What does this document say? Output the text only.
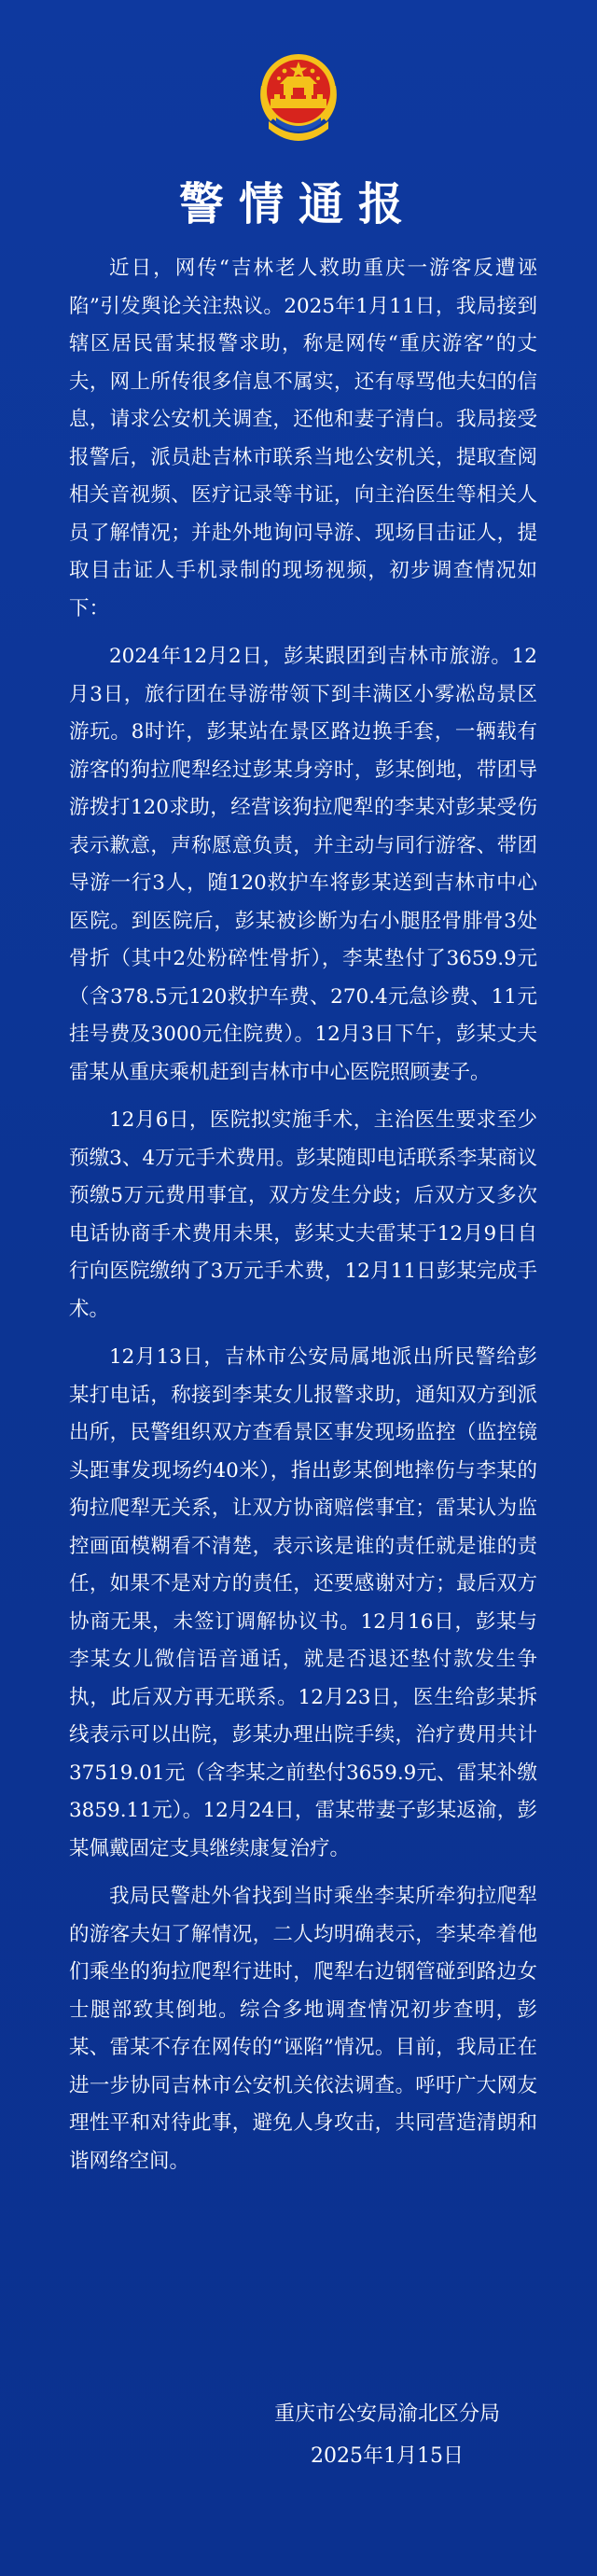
警情通报

近日，网传“吉林老人救助重庆一游客反遭诬陷”引发舆论关注热议。2025年1月11日，我局接到辖区居民雷某报警求助，称是网传“重庆游客”的丈夫，网上所传很多信息不属实，还有辱骂他夫妇的信息，请求公安机关调查，还他和妻子清白。我局接受报警后，派员赴吉林市联系当地公安机关，提取查阅相关音视频、医疗记录等书证，向主治医生等相关人员了解情况；并赴外地询问导游、现场目击证人，提取目击证人手机录制的现场视频，初步调查情况如下：

2024年12月2日，彭某跟团到吉林市旅游。12月3日，旅行团在导游带领下到丰满区小雾凇岛景区游玩。8时许，彭某站在景区路边换手套，一辆载有游客的狗拉爬犁经过彭某身旁时，彭某倒地，带团导游拨打120求助，经营该狗拉爬犁的李某对彭某受伤表示歉意，声称愿意负责，并主动与同行游客、带团导游一行3人，随120救护车将彭某送到吉林市中心医院。到医院后，彭某被诊断为右小腿胫骨腓骨3处骨折（其中2处粉碎性骨折），李某垫付了3659.9元（含378.5元120救护车费、270.4元急诊费、11元挂号费及3000元住院费）。12月3日下午，彭某丈夫雷某从重庆乘机赶到吉林市中心医院照顾妻子。

12月6日，医院拟实施手术，主治医生要求至少预缴3、4万元手术费用。彭某随即电话联系李某商议预缴5万元费用事宜，双方发生分歧；后双方又多次电话协商手术费用未果，彭某丈夫雷某于12月9日自行向医院缴纳了3万元手术费，12月11日彭某完成手术。

12月13日，吉林市公安局属地派出所民警给彭某打电话，称接到李某女儿报警求助，通知双方到派出所，民警组织双方查看景区事发现场监控（监控镜头距事发现场约40米），指出彭某倒地摔伤与李某的狗拉爬犁无关系，让双方协商赔偿事宜；雷某认为监控画面模糊看不清楚，表示该是谁的责任就是谁的责任，如果不是对方的责任，还要感谢对方；最后双方协商无果，未签订调解协议书。12月16日，彭某与李某女儿微信语音通话，就是否退还垫付款发生争执，此后双方再无联系。12月23日，医生给彭某拆线表示可以出院，彭某办理出院手续，治疗费用共计37519.01元（含李某之前垫付3659.9元、雷某补缴3859.11元）。12月24日，雷某带妻子彭某返渝，彭某佩戴固定支具继续康复治疗。

我局民警赴外省找到当时乘坐李某所牵狗拉爬犁的游客夫妇了解情况，二人均明确表示，李某牵着他们乘坐的狗拉爬犁行进时，爬犁右边钢管碰到路边女士腿部致其倒地。综合多地调查情况初步查明，彭某、雷某不存在网传的“诬陷”情况。目前，我局正在进一步协同吉林市公安机关依法调查。呼吁广大网友理性平和对待此事，避免人身攻击，共同营造清朗和谐网络空间。

重庆市公安局渝北区分局
2025年1月15日
